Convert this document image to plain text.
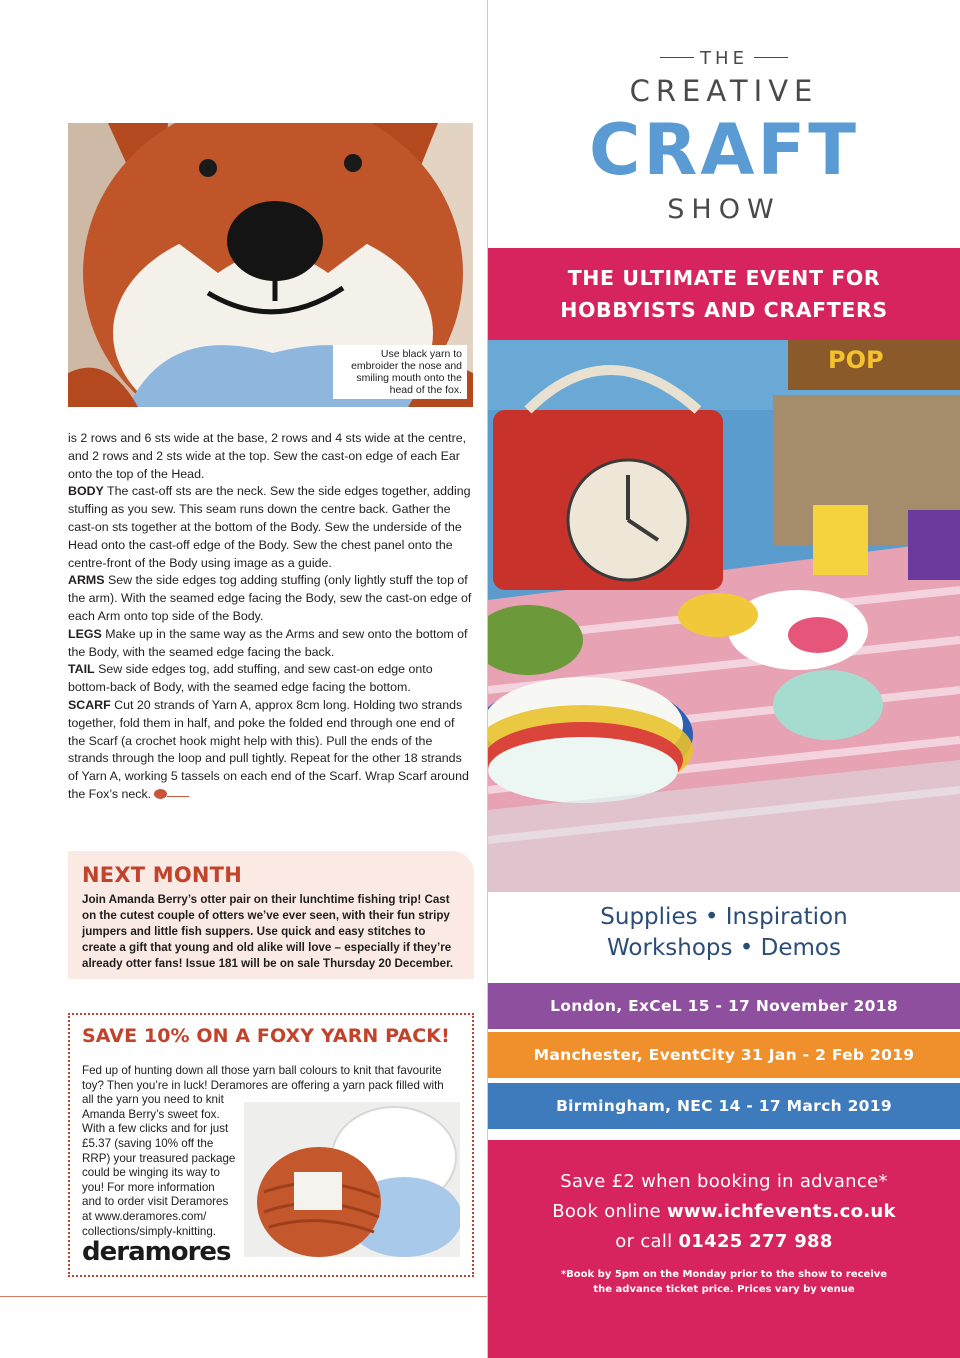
Use black yarn to embroider the nose and smiling mouth onto the head of the fox.

is 2 rows and 6 sts wide at the base, 2 rows and 4 sts wide at the centre, and 2 rows and 2 sts wide at the top. Sew the cast-on edge of each Ear onto the top of the Head.

BODY The cast-off sts are the neck. Sew the side edges together, adding stuffing as you sew. This seam runs down the centre back. Gather the cast-on sts together at the bottom of the Body. Sew the underside of the Head onto the cast-off edge of the Body. Sew the chest panel onto the centre-front of the Body using image as a guide.

ARMS Sew the side edges tog adding stuffing (only lightly stuff the top of the arm). With the seamed edge facing the Body, sew the cast-on edge of each Arm onto top side of the Body.

LEGS Make up in the same way as the Arms and sew onto the bottom of the Body, with the seamed edge facing the back.

TAIL Sew side edges tog, add stuffing, and sew cast-on edge onto bottom-back of Body, with the seamed edge facing the bottom.

SCARF Cut 20 strands of Yarn A, approx 8cm long. Holding two strands together, fold them in half, and poke the folded end through one end of the Scarf (a crochet hook might help with this). Pull the ends of the strands through the loop and pull tightly. Repeat for the other 18 strands of Yarn A, working 5 tassels on each end of the Scarf. Wrap Scarf around the Fox’s neck.

NEXT MONTH

Join Amanda Berry’s otter pair on their lunchtime fishing trip! Cast on the cutest couple of otters we’ve ever seen, with their fun stripy jumpers and little fish suppers. Use quick and easy stitches to create a gift that young and old alike will love – especially if they’re already otter fans! Issue 181 will be on sale Thursday 20 December.

SAVE 10% ON A FOXY YARN PACK!
Fed up of hunting down all those yarn ball colours to knit that favourite
toy? Then you’re in luck! Deramores are offering a yarn pack filled with
all the yarn you need to knit
Amanda Berry’s sweet fox.
With a few clicks and for just
£5.37 (saving 10% off the
RRP) your treasured package
could be winging its way to
you! For more information
and to order visit Deramores
at www.deramores.com/
collections/simply-knitting.
deramores
THE
CREATIVE
CRAFT
SHOW
THE ULTIMATE EVENT FOR
HOBBYISTS AND CRAFTERS
POP
Supplies • Inspiration
Workshops • Demos
London, ExCeL 15 - 17 November 2018
Manchester, EventCity 31 Jan - 2 Feb 2019
Birmingham, NEC 14 - 17 March 2019
Save £2 when booking in advance*
Book online www.ichfevents.co.uk
or call 01425 277 988
*Book by 5pm on the Monday prior to the show to receive
the advance ticket price. Prices vary by venue
